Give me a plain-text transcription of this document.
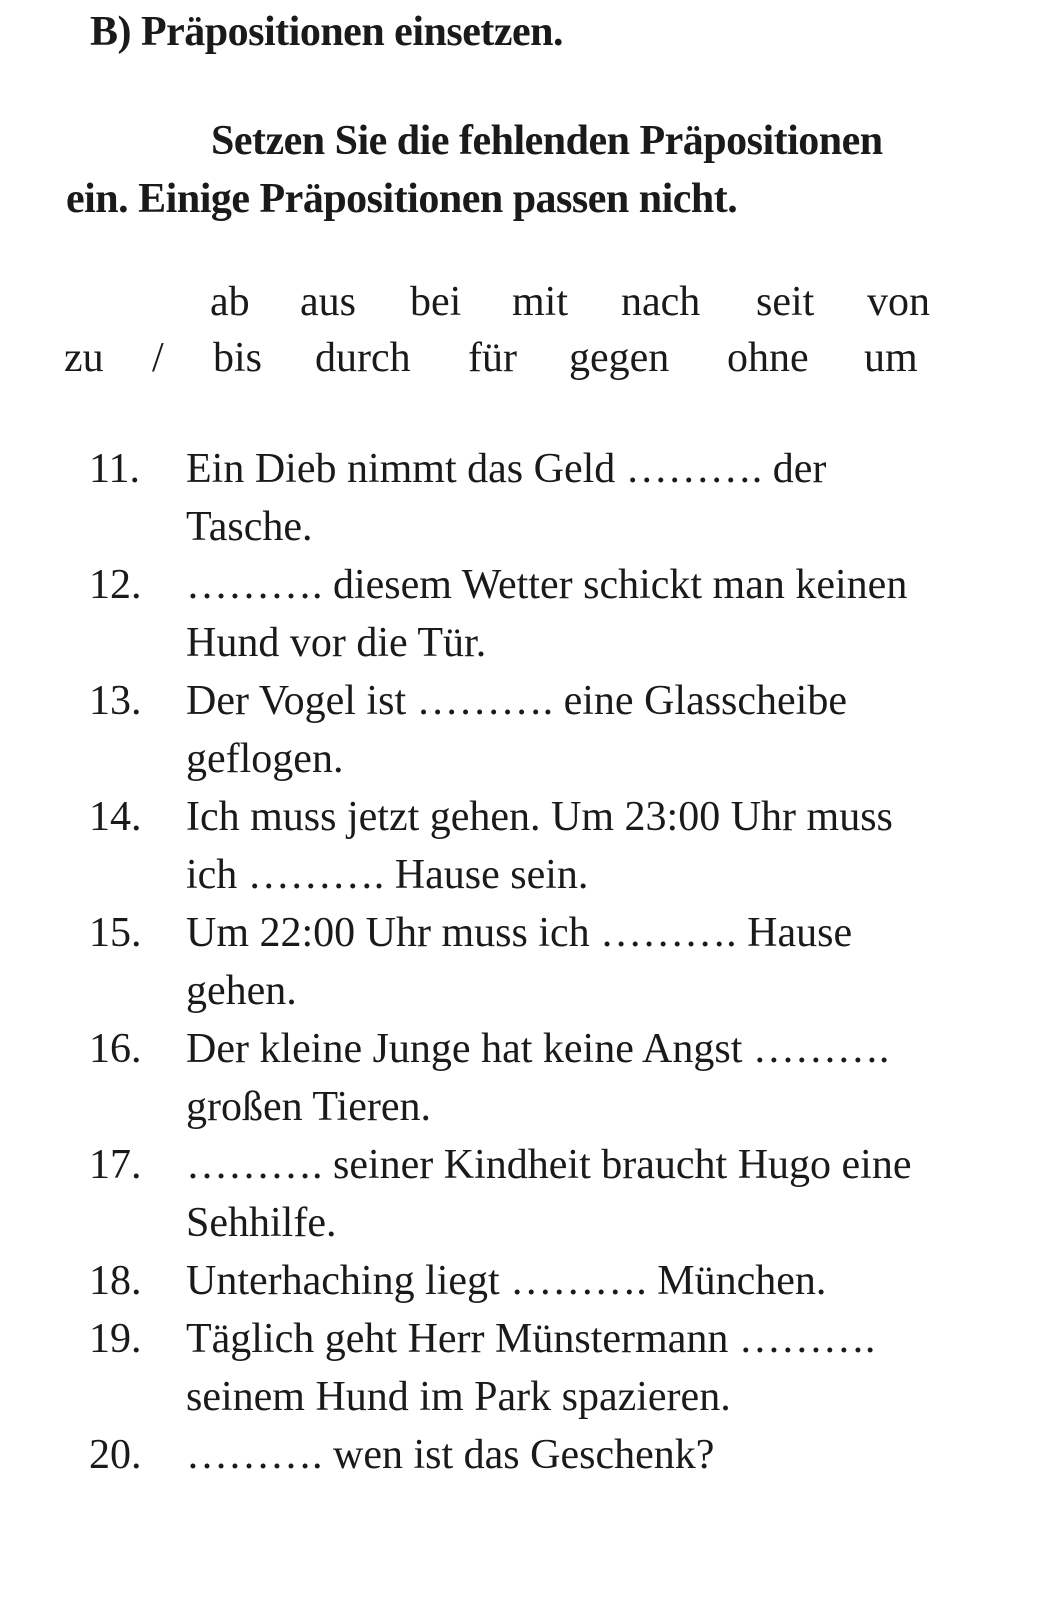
B) Präpositionen einsetzen.
Setzen Sie die fehlenden Präpositionen
ein. Einige Präpositionen passen nicht.
ab aus bei mit nach seit von
zu / bis durch für gegen ohne um
11. Ein Dieb nimmt das Geld ………. der
Tasche.
12. ………. diesem Wetter schickt man keinen
Hund vor die Tür.
13. Der Vogel ist ………. eine Glasscheibe
geflogen.
14. Ich muss jetzt gehen. Um 23:00 Uhr muss
ich ………. Hause sein.
15. Um 22:00 Uhr muss ich ………. Hause
gehen.
16. Der kleine Junge hat keine Angst ……….
großen Tieren.
17. ………. seiner Kindheit braucht Hugo eine
Sehhilfe.
18. Unterhaching liegt ………. München.
19. Täglich geht Herr Münstermann ……….
seinem Hund im Park spazieren.
20. ………. wen ist das Geschenk?
